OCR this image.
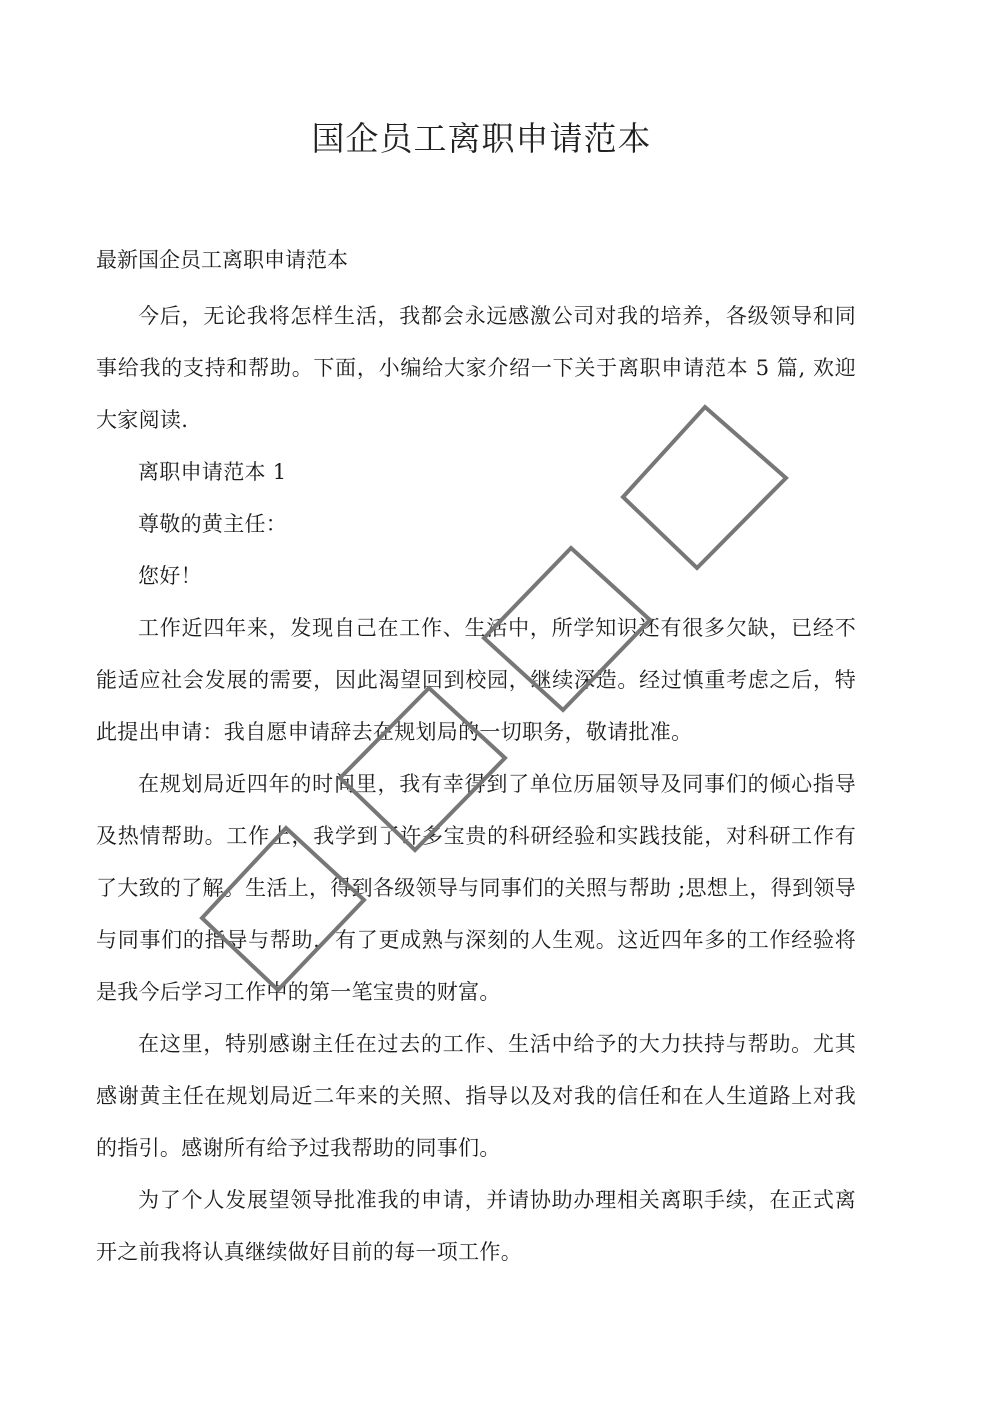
国企员工离职申请范本
最新国企员工离职申请范本

今后，无论我将怎样生活，我都会永远感激公司对我的培养，各级领导和同事给我的支持和帮助。下面，小编给大家介绍一下关于离职申请范本 5 篇, 欢迎大家阅读.

离职申请范本 1

尊敬的黄主任：

您好！

工作近四年来，发现自己在工作、生活中，所学知识还有很多欠缺，已经不能适应社会发展的需要，因此渴望回到校园，继续深造。经过慎重考虑之后，特此提出申请：我自愿申请辞去在规划局的一切职务，敬请批准。

在规划局近四年的时间里，我有幸得到了单位历届领导及同事们的倾心指导及热情帮助。工作上，我学到了许多宝贵的科研经验和实践技能，对科研工作有了大致的了解。生活上，得到各级领导与同事们的关照与帮助 ;思想上，得到领导与同事们的指导与帮助，有了更成熟与深刻的人生观。这近四年多的工作经验将是我今后学习工作中的第一笔宝贵的财富。

在这里，特别感谢主任在过去的工作、生活中给予的大力扶持与帮助。尤其感谢黄主任在规划局近二年来的关照、指导以及对我的信任和在人生道路上对我的指引。感谢所有给予过我帮助的同事们。

为了个人发展望领导批准我的申请，并请协助办理相关离职手续，在正式离开之前我将认真继续做好目前的每一项工作。
